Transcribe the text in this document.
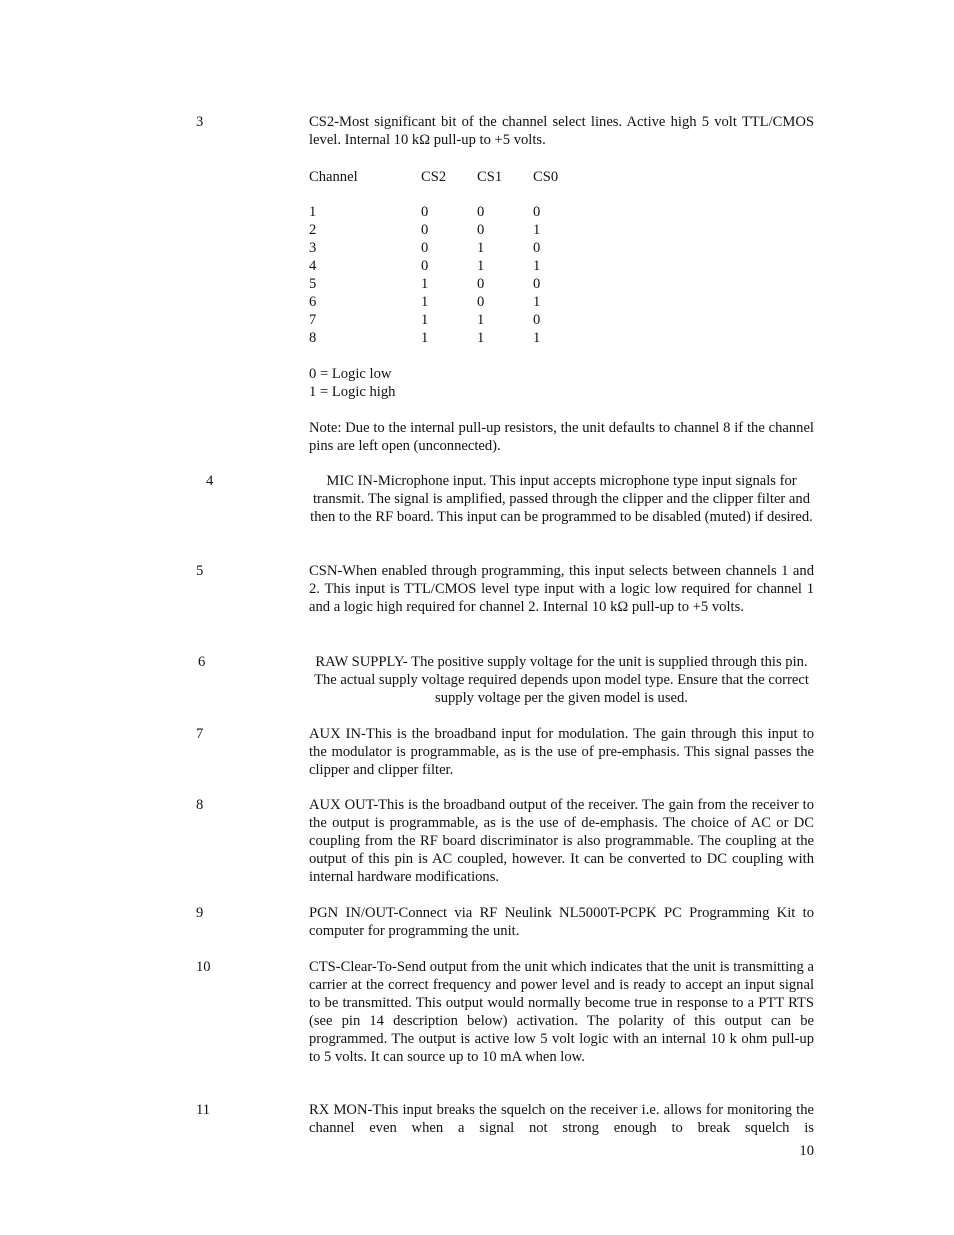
3	CS2-Most significant bit of the channel select lines. Active high 5 volt TTL/CMOS level. Internal 10 kΩ pull-up to +5 volts.

Channel	CS2	CS1	CS0

1	0	0	0
2	0	0	1
3	0	1	0
4	0	1	1
5	1	0	0
6	1	0	1
7	1	1	0
8	1	1	1

0 = Logic low

1 = Logic high

Note: Due to the internal pull-up resistors, the unit defaults to channel 8 if the channel pins are left open (unconnected).

4	MIC IN-Microphone input. This input accepts microphone type input signals for transmit. The signal is amplified, passed through the clipper and the clipper filter and then to the RF board. This input can be programmed to be disabled (muted) if desired.

5	CSN-When enabled through programming, this input selects between channels 1 and 2. This input is TTL/CMOS level type input with a logic low required for channel 1 and a logic high required for channel 2. Internal 10 kΩ pull-up to +5 volts.

6	RAW SUPPLY- The positive supply voltage for the unit is supplied through this pin. The actual supply voltage required depends upon model type. Ensure that the correct supply voltage per the given model is used.

7	AUX IN-This is the broadband input for modulation. The gain through this input to the modulator is programmable, as is the use of pre-emphasis. This signal passes the clipper and clipper filter.

8	AUX OUT-This is the broadband output of the receiver. The gain from the receiver to the output is programmable, as is the use of de-emphasis. The choice of AC or DC coupling from the RF board discriminator is also programmable. The coupling at the output of this pin is AC coupled, however. It can be converted to DC coupling with internal hardware modifications.

9	PGN IN/OUT-Connect via RF Neulink NL5000T-PCPK PC Programming Kit to computer for programming the unit.

10	CTS-Clear-To-Send output from the unit which indicates that the unit is transmitting a carrier at the correct frequency and power level and is ready to accept an input signal to be transmitted. This output would normally become true in response to a PTT RTS (see pin 14 description below) activation. The polarity of this output can be programmed. The output is active low 5 volt logic with an internal 10 k ohm pull-up to 5 volts. It can source up to 10 mA when low.

11	RX MON-This input breaks the squelch on the receiver i.e. allows for monitoring the channel even when a signal not strong enough to break squelch is

10
